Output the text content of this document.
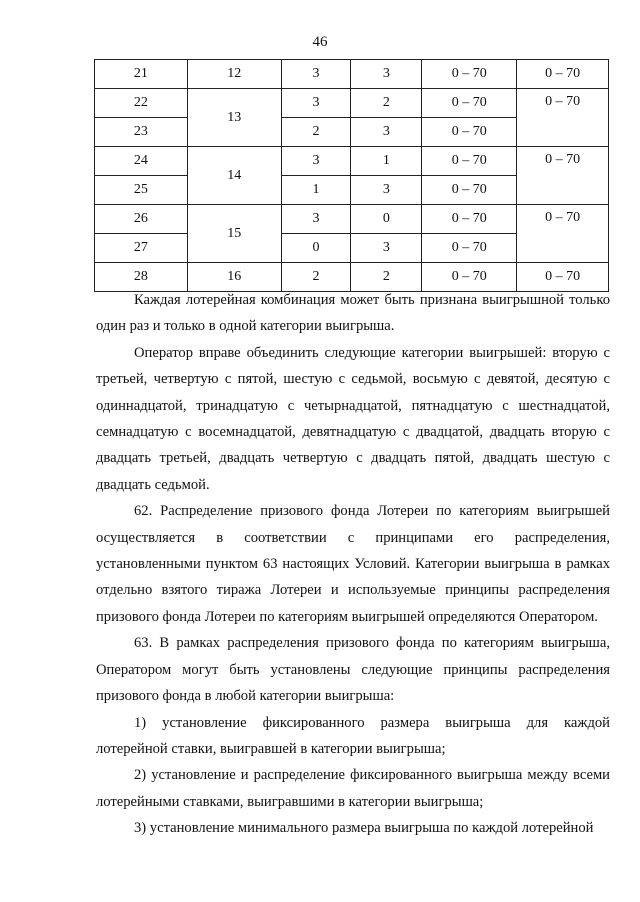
46
21	12	3	3	0 – 70	0 – 70
22	13	3	2	0 – 70	0 – 70
23		2	3	0 – 70	
24	14	3	1	0 – 70	0 – 70
25		1	3	0 – 70	
26	15	3	0	0 – 70	0 – 70
27		0	3	0 – 70	
28	16	2	2	0 – 70	0 – 70

Каждая лотерейная комбинация может быть признана выигрышной только один раз и только в одной категории выигрыша.

Оператор вправе объединить следующие категории выигрышей: вторую с третьей, четвертую с пятой, шестую с седьмой, восьмую с девятой, десятую с одиннадцатой, тринадцатую с четырнадцатой, пятнадцатую с шестнадцатой, семнадцатую с восемнадцатой, девятнадцатую с двадцатой, двадцать вторую с двадцать третьей, двадцать четвертую с двадцать пятой, двадцать шестую с двадцать седьмой.

62. Распределение призового фонда Лотереи по категориям выигрышей осуществляется в соответствии с принципами его распределения, установленными пунктом 63 настоящих Условий. Категории выигрыша в рамках отдельно взятого тиража Лотереи и используемые принципы распределения призового фонда Лотереи по категориям выигрышей определяются Оператором.

63. В рамках распределения призового фонда по категориям выигрыша, Оператором могут быть установлены следующие принципы распределения призового фонда в любой категории выигрыша:

1) установление фиксированного размера выигрыша для каждой лотерейной ставки, выигравшей в категории выигрыша;

2) установление и распределение фиксированного выигрыша между всеми лотерейными ставками, выигравшими в категории выигрыша;

3) установление минимального размера выигрыша по каждой лотерейной
